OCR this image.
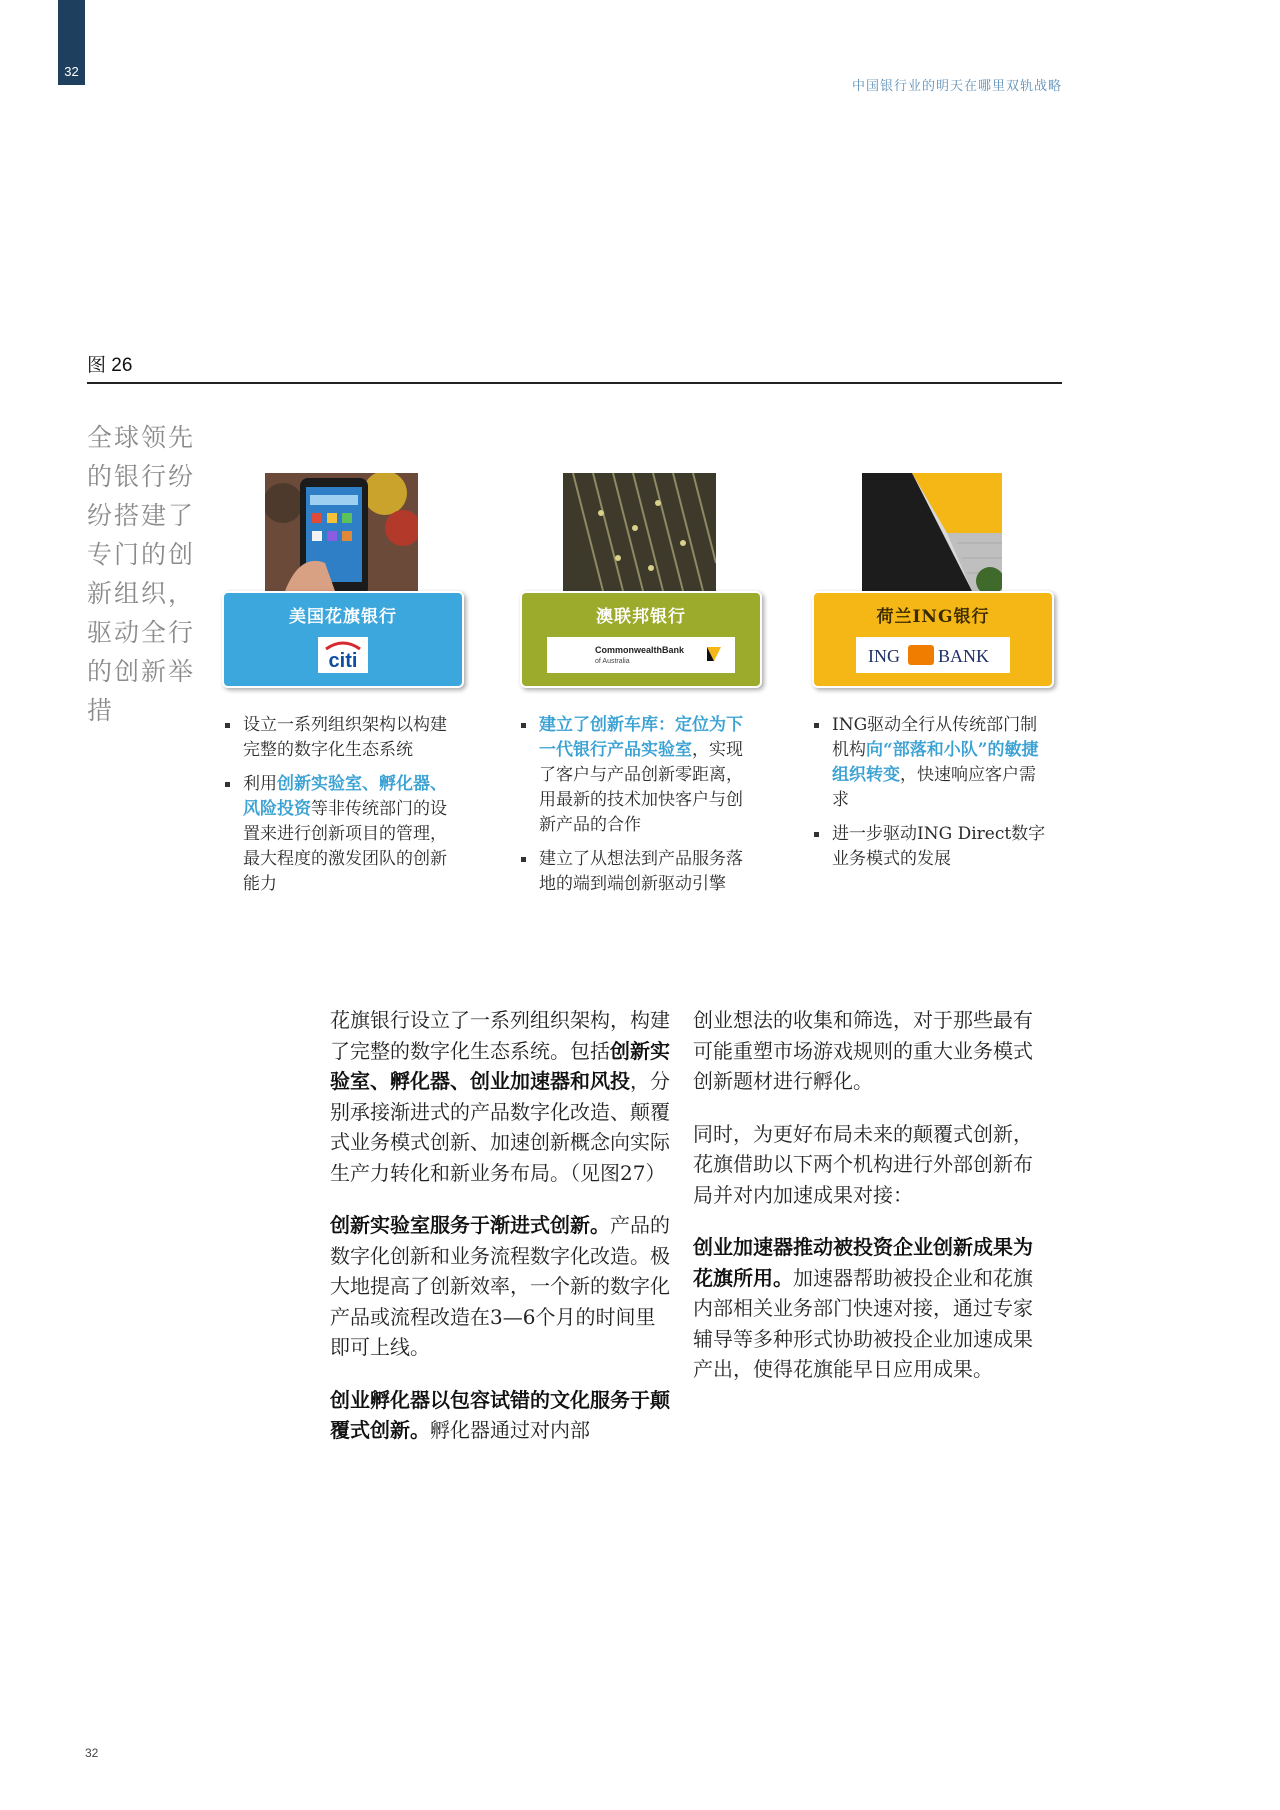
32
中国银行业的明天在哪里双轨战略
图 26
全球领先的银行纷纷搭建了专门的创新组织，驱动全行的创新举措
美国花旗银行
citi
澳联邦银行
CommonwealthBank
of Australia
荷兰ING银行
ING BANK
设立一系列组织架构以构建完整的数字化生态系统
利用创新实验室、孵化器、风险投资等非传统部门的设置来进行创新项目的管理，最大程度的激发团队的创新能力
建立了创新车库：定位为下一代银行产品实验室，实现了客户与产品创新零距离，用最新的技术加快客户与创新产品的合作
建立了从想法到产品服务落地的端到端创新驱动引擎
ING驱动全行从传统部门制机构向“部落和小队”的敏捷组织转变，快速响应客户需求
进一步驱动ING Direct数字业务模式的发展

花旗银行设立了一系列组织架构，构建了完整的数字化生态系统。包括创新实验室、孵化器、创业加速器和风投，分别承接渐进式的产品数字化改造、颠覆式业务模式创新、加速创新概念向实际生产力转化和新业务布局。（见图27）

创新实验室服务于渐进式创新。产品的数字化创新和业务流程数字化改造。极大地提高了创新效率，一个新的数字化产品或流程改造在3—6个月的时间里即可上线。

创业孵化器以包容试错的文化服务于颠覆式创新。孵化器通过对内部

创业想法的收集和筛选，对于那些最有可能重塑市场游戏规则的重大业务模式创新题材进行孵化。

同时，为更好布局未来的颠覆式创新，花旗借助以下两个机构进行外部创新布局并对内加速成果对接：

创业加速器推动被投资企业创新成果为花旗所用。加速器帮助被投企业和花旗内部相关业务部门快速对接，通过专家辅导等多种形式协助被投企业加速成果产出，使得花旗能早日应用成果。

32
